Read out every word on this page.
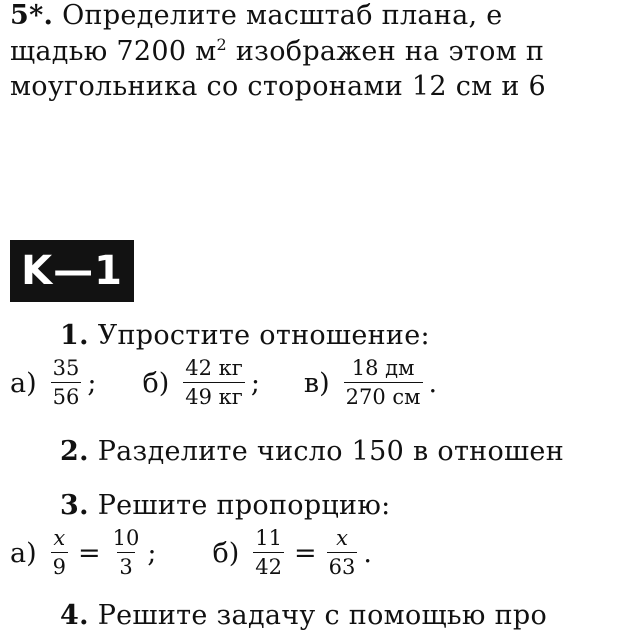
5*. Определите масштаб плана, е
щадью 7200 $м^2$ изображен на этом п
моугольника со сторонами 12 см и 6
K—1
1. Упростите отношение:
$а) \frac{35}{56}$ ; $б) \frac{42 кг}{49 кг}$ ; $в) \frac{18 дм}{270 см}$ .
2. Разделите число 150 в отношен
3. Решите пропорцию:
$а) \frac{x}{9} = \frac{10}{3}$ ; $б) \frac{11}{42} = \frac{x}{63}$ .
4. Решите задачу с помощью про
